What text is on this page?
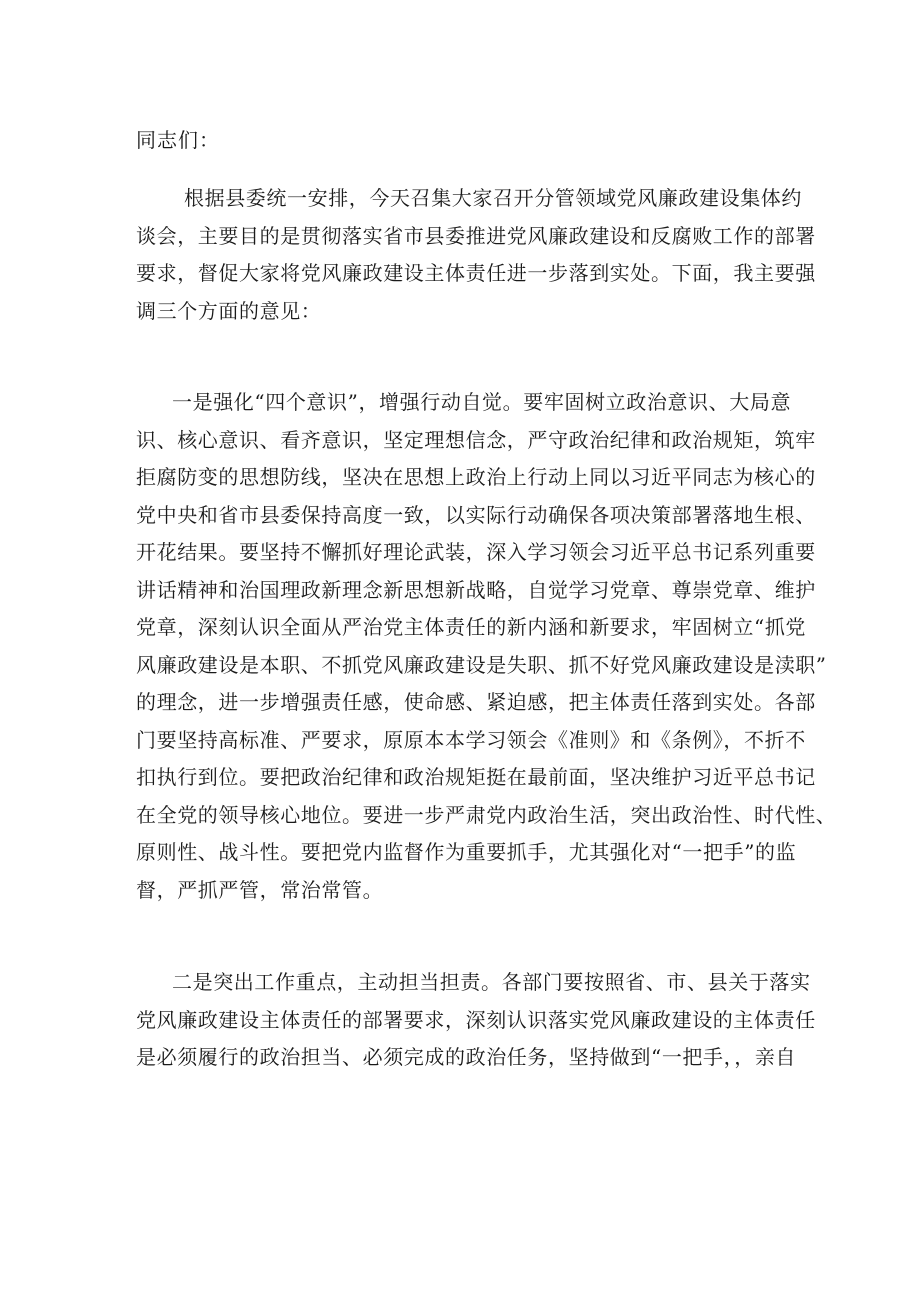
同志们：

根据县委统一安排，今天召集大家召开分管领域党风廉政建设集体约
谈会，主要目的是贯彻落实省市县委推进党风廉政建设和反腐败工作的部署
要求，督促大家将党风廉政建设主体责任进一步落到实处。下面，我主要强
调三个方面的意见：
一是强化“四个意识”，增强行动自觉。要牢固树立政治意识、大局意
识、核心意识、看齐意识，坚定理想信念，严守政治纪律和政治规矩，筑牢
拒腐防变的思想防线，坚决在思想上政治上行动上同以习近平同志为核心的
党中央和省市县委保持高度一致，以实际行动确保各项决策部署落地生根、
开花结果。要坚持不懈抓好理论武装，深入学习领会习近平总书记系列重要
讲话精神和治国理政新理念新思想新战略，自觉学习党章、尊崇党章、维护
党章，深刻认识全面从严治党主体责任的新内涵和新要求，牢固树立“抓党
风廉政建设是本职、不抓党风廉政建设是失职、抓不好党风廉政建设是渎职”
的理念，进一步增强责任感，使命感、紧迫感，把主体责任落到实处。各部
门要坚持高标准、严要求，原原本本学习领会《准则》和《条例》，不折不
扣执行到位。要把政治纪律和政治规矩挺在最前面，坚决维护习近平总书记
在全党的领导核心地位。要进一步严肃党内政治生活，突出政治性、时代性、
原则性、战斗性。要把党内监督作为重要抓手，尤其强化对“一把手”的监
督，严抓严管，常治常管。
二是突出工作重点，主动担当担责。各部门要按照省、市、县关于落实
党风廉政建设主体责任的部署要求，深刻认识落实党风廉政建设的主体责任
是必须履行的政治担当、必须完成的政治任务，坚持做到“一把手，，亲自
